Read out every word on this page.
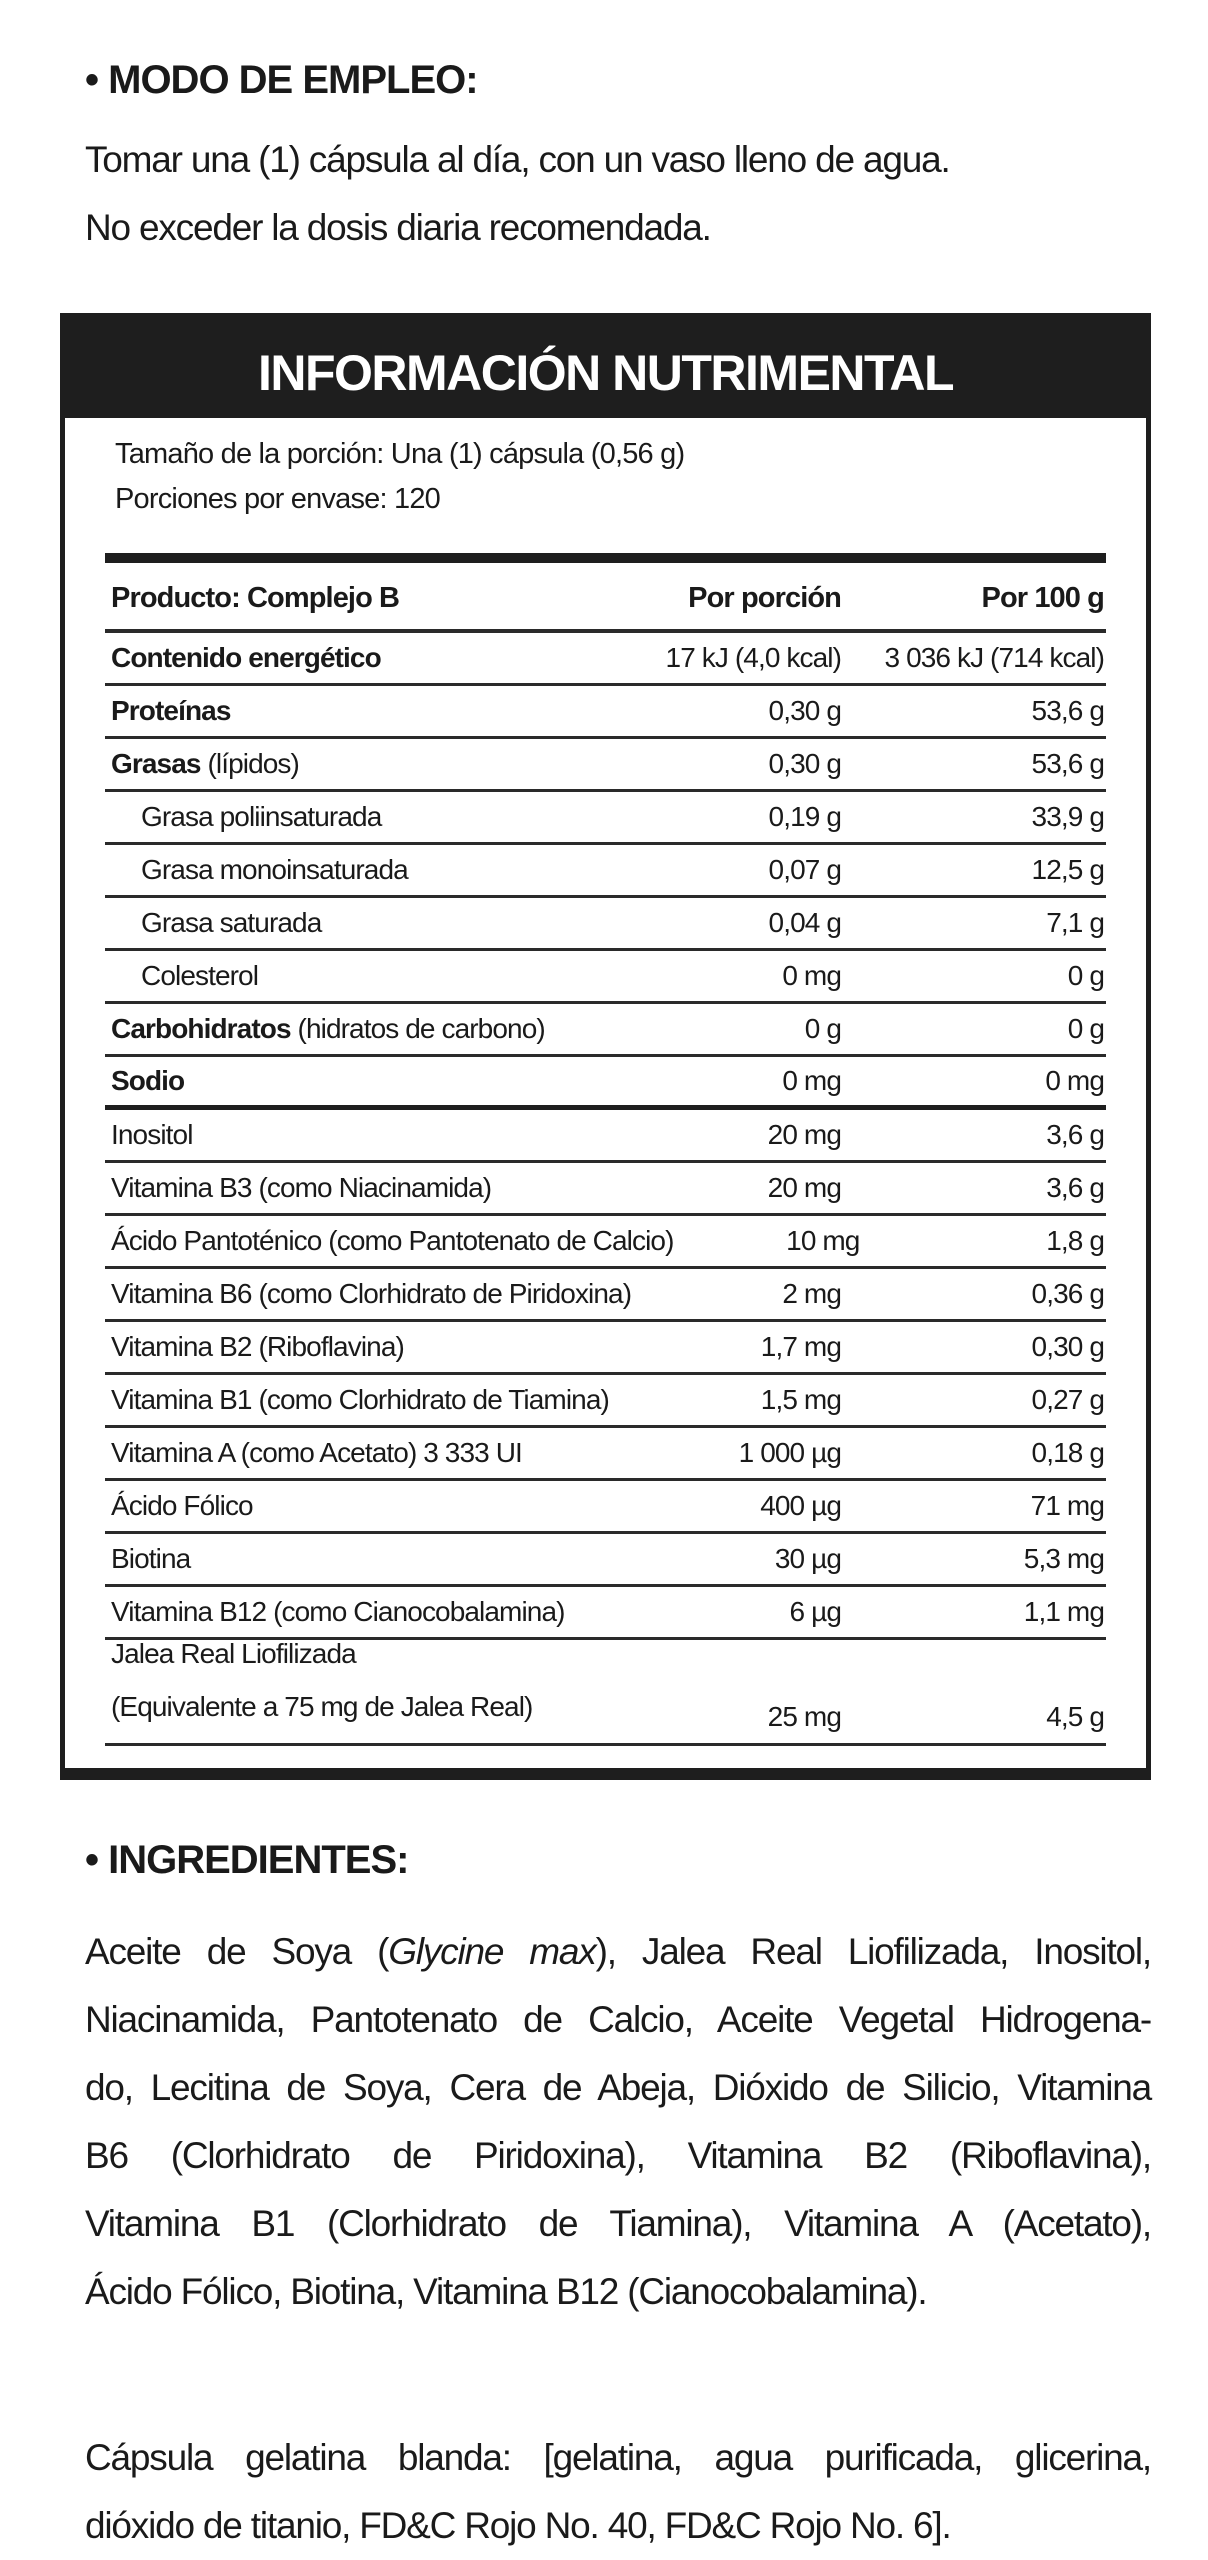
• MODO DE EMPLEO:
Tomar una (1) cápsula al día, con un vaso lleno de agua.
No exceder la dosis diaria recomendada.
INFORMACIÓN NUTRIMENTAL
Tamaño de la porción: Una (1) cápsula (0,56 g)
Porciones por envase: 120
Producto: Complejo B	Por porción	Por 100 g
Contenido energético	17 kJ (4,0 kcal)	3 036 kJ (714 kcal)
Proteínas	0,30 g	53,6 g
Grasas (lípidos)	0,30 g	53,6 g
Grasa poliinsaturada	0,19 g	33,9 g
Grasa monoinsaturada	0,07 g	12,5 g
Grasa saturada	0,04 g	7,1 g
Colesterol	0 mg	0 g
Carbohidratos (hidratos de carbono)	0 g	0 g
Sodio	0 mg	0 mg
Inositol	20 mg	3,6 g
Vitamina B3 (como Niacinamida)	20 mg	3,6 g
Ácido Pantoténico (como Pantotenato de Calcio)	10 mg	1,8 g
Vitamina B6 (como Clorhidrato de Piridoxina)	2 mg	0,36 g
Vitamina B2 (Riboflavina)	1,7 mg	0,30 g
Vitamina B1 (como Clorhidrato de Tiamina)	1,5 mg	0,27 g
Vitamina A (como Acetato) 3 333 UI	1 000 µg	0,18 g
Ácido Fólico	400 µg	71 mg
Biotina	30 µg	5,3 mg
Vitamina B12 (como Cianocobalamina)	6 µg	1,1 mg
Jalea Real Liofilizada
(Equivalente a 75 mg de Jalea Real)	25 mg	4,5 g
• INGREDIENTES:
Aceite de Soya (Glycine max), Jalea Real Liofilizada, Inositol,
Niacinamida, Pantotenato de Calcio, Aceite Vegetal Hidrogena-
do, Lecitina de Soya, Cera de Abeja, Dióxido de Silicio, Vitamina
B6 (Clorhidrato de Piridoxina), Vitamina B2 (Riboflavina),
Vitamina B1 (Clorhidrato de Tiamina), Vitamina A (Acetato),
Ácido Fólico, Biotina, Vitamina B12 (Cianocobalamina).
Cápsula gelatina blanda: [gelatina, agua purificada, glicerina,
dióxido de titanio, FD&C Rojo No. 40, FD&C Rojo No. 6].
